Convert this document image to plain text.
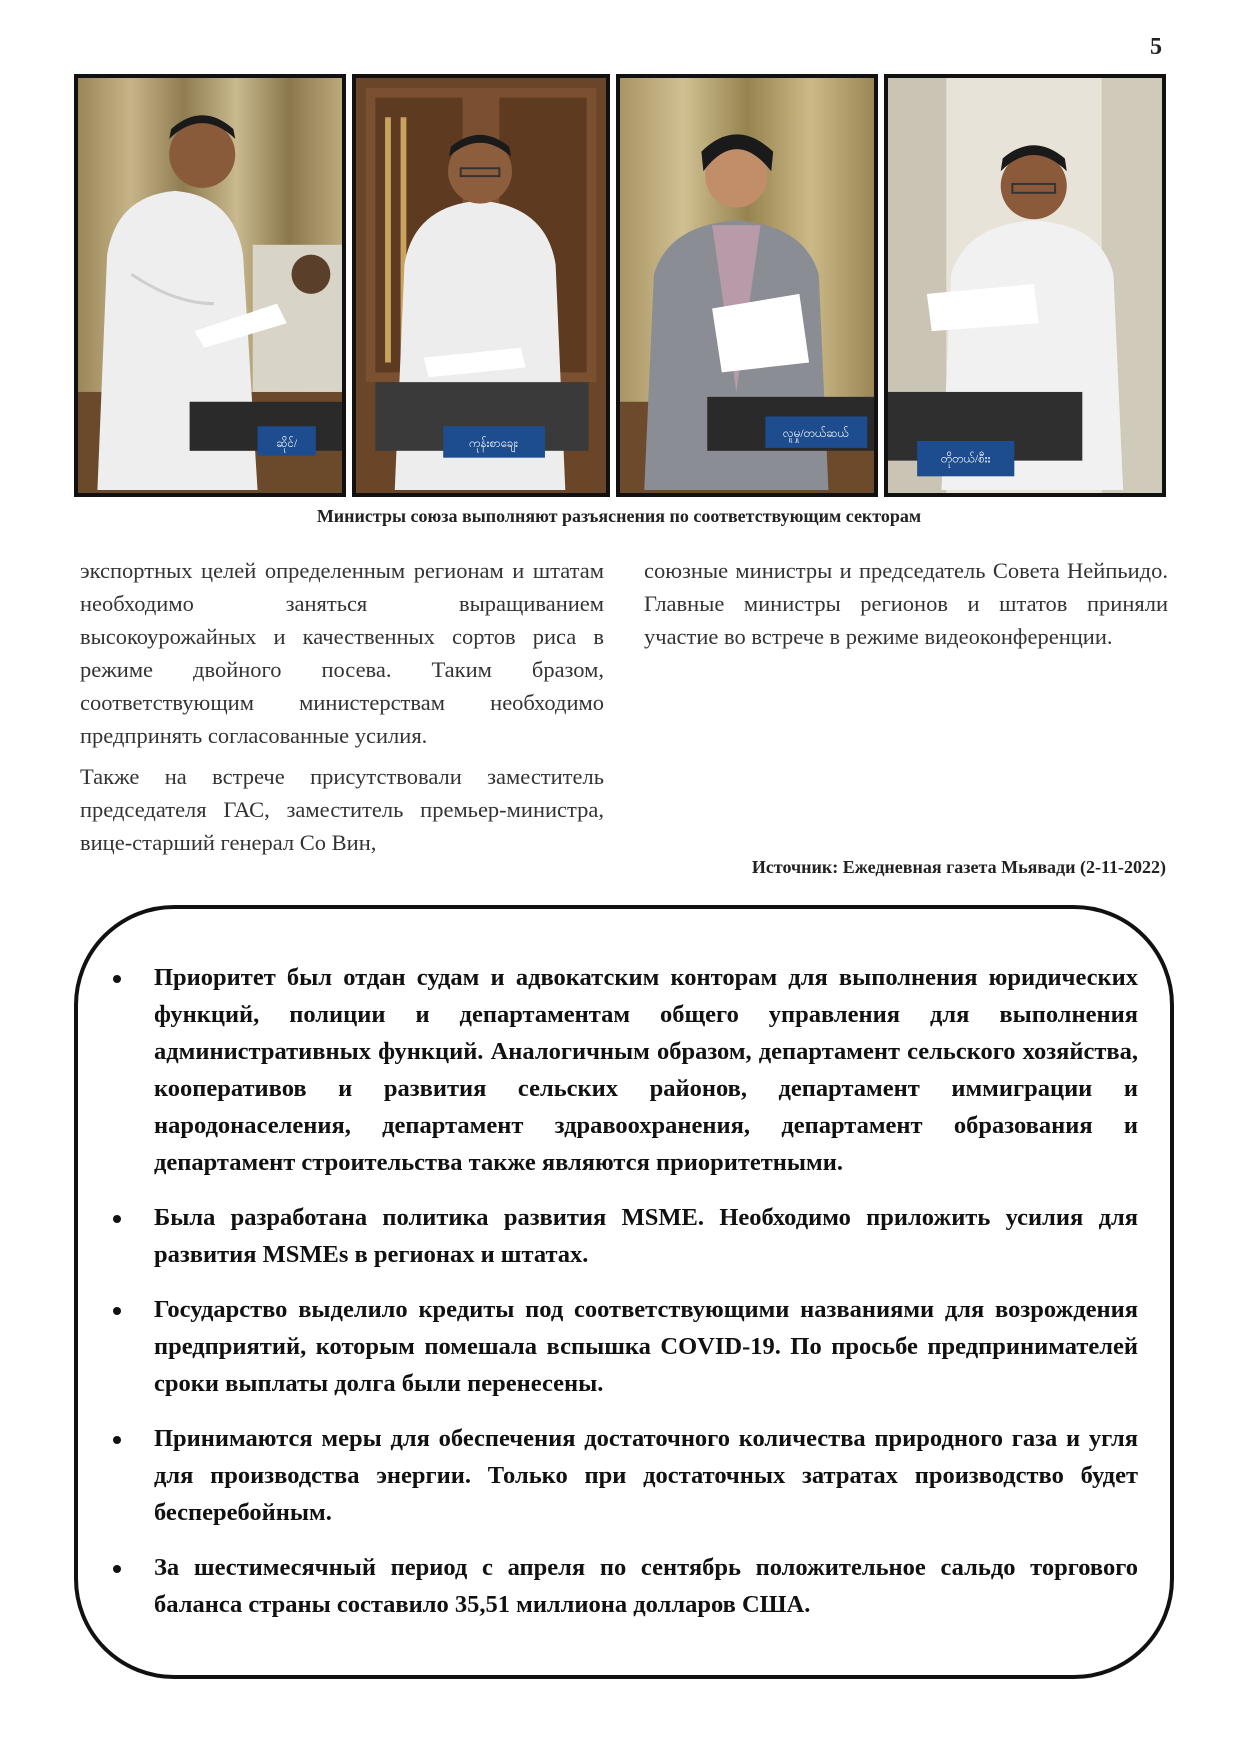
5
ဆိုင်/	ကုန်းစာချေး
လူမှု/တယ်ဆယ်
တိုတယ်/စီးး
Министры союза выполняют разъяснения по соответствующим секторам

экспортных целей определенным регионам и штатам необходимо заняться выращиванием высокоурожайных и качественных сортов риса в режиме двойного посева. Таким бразом, соответствующим министерствам необходимо предпринять согласованные усилия.

Также на встрече присутствовали заместитель председателя ГАС, заместитель премьер-министра, вице-старший генерал Со Вин,

союзные министры и председатель Совета Нейпьидо. Главные министры регионов и штатов приняли участие во встрече в режиме видеоконференции.

Источник: Ежедневная газета Мьявади (2-11-2022)
Приоритет был отдан судам и адвокатским конторам для выполнения юридических функций, полиции и департаментам общего управления для выполнения административных функций. Аналогичным образом, департамент сельского хозяйства, кооперативов и развития сельских районов, департамент иммиграции и народонаселения, департамент здравоохранения, департамент образования и департамент строительства также являются приоритетными.
Была разработана политика развития MSME. Необходимо приложить усилия для развития MSMEs в регионах и штатах.
Государство выделило кредиты под соответствующими названиями для возрождения предприятий, которым помешала вспышка COVID-19. По просьбе предпринимателей сроки выплаты долга были перенесены.
Принимаются меры для обеспечения достаточного количества природного газа и угля для производства энергии. Только при достаточных затратах производство будет бесперебойным.
За шестимесячный период с апреля по сентябрь положительное сальдо торгового баланса страны составило 35,51 миллиона долларов США.
